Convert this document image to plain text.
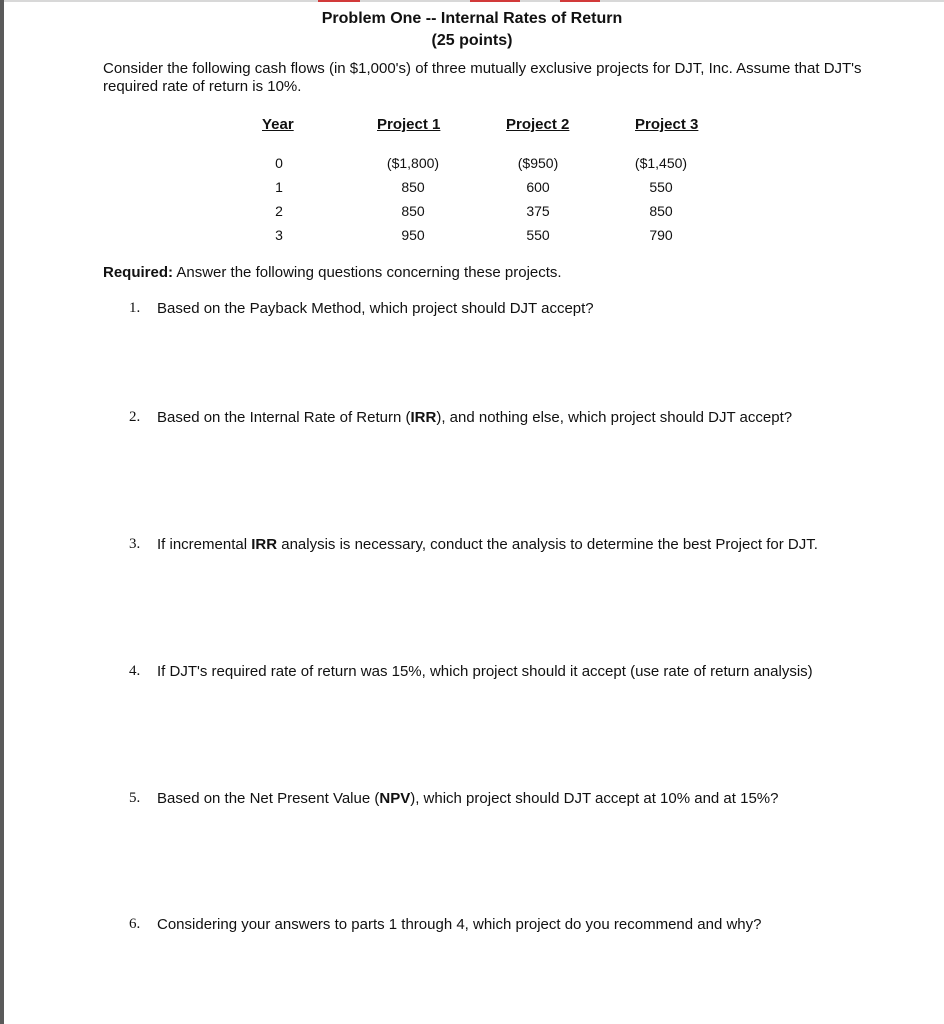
Problem One -- Internal Rates of Return
(25 points)
Consider the following cash flows (in $1,000's) of three mutually exclusive projects for DJT, Inc. Assume that DJT's required rate of return is 10%.
Year	Project 1	Project 2	Project 3
0	($1,800)	($950)	($1,450)
1	850	600	550
2	850	375	850
3	950	550	790
Required: Answer the following questions concerning these projects.
1. Based on the Payback Method, which project should DJT accept?
2. Based on the Internal Rate of Return (IRR), and nothing else, which project should DJT accept?
3. If incremental IRR analysis is necessary, conduct the analysis to determine the best Project for DJT.
4. If DJT's required rate of return was 15%, which project should it accept (use rate of return analysis)
5. Based on the Net Present Value (NPV), which project should DJT accept at 10% and at 15%?
6. Considering your answers to parts 1 through 4, which project do you recommend and why?
